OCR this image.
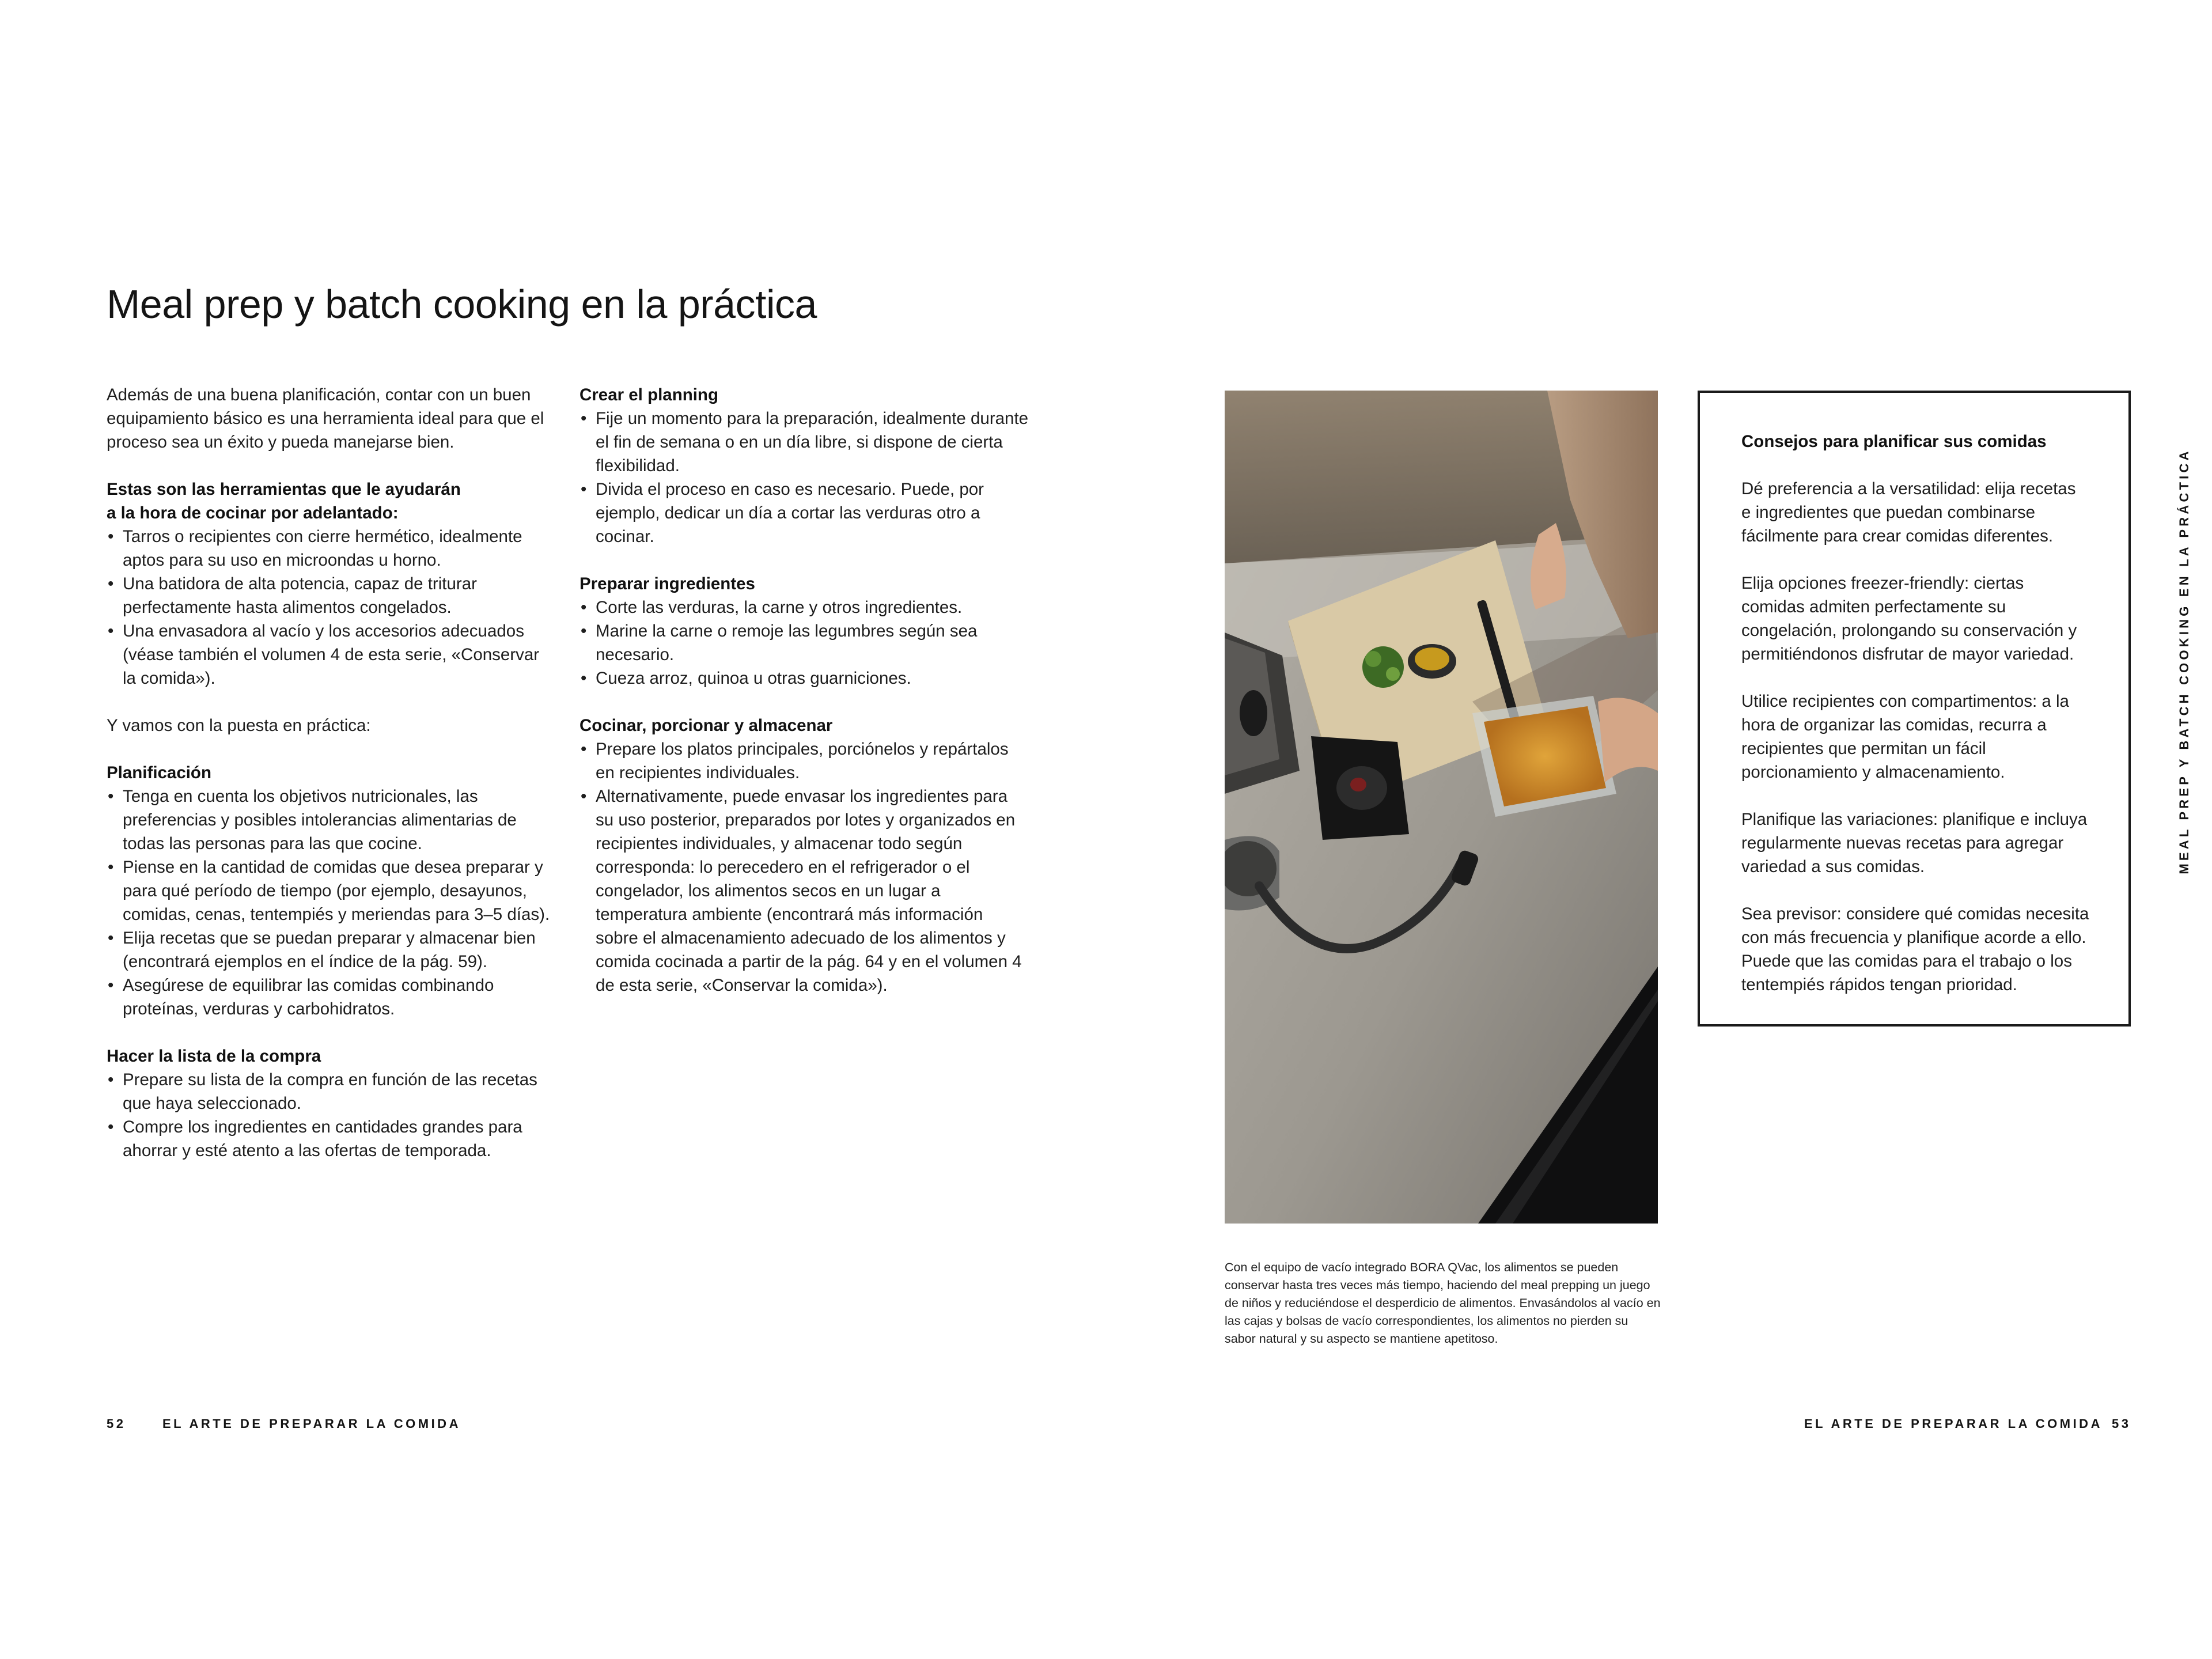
Meal prep y batch cooking en la práctica

Además de una buena planificación, contar con un buen equipamiento básico es una herramienta ideal para que el proceso sea un éxito y pueda manejarse bien.

Estas son las herramientas que le ayudarán
a la hora de cocinar por adelantado:
• Tarros o recipientes con cierre hermético, idealmente aptos para su uso en microondas u horno.
• Una batidora de alta potencia, capaz de triturar perfectamente hasta alimentos congelados.
• Una envasadora al vacío y los accesorios adecuados (véase también el volumen 4 de esta serie, «Conservar la comida»).

Y vamos con la puesta en práctica:

Planificación
• Tenga en cuenta los objetivos nutricionales, las preferencias y posibles intolerancias alimentarias de todas las personas para las que cocine.
• Piense en la cantidad de comidas que desea preparar y para qué período de tiempo (por ejemplo, desayunos, comidas, cenas, tentempiés y meriendas para 3–5 días).
• Elija recetas que se puedan preparar y almacenar bien (encontrará ejemplos en el índice de la pág. 59).
• Asegúrese de equilibrar las comidas combinando proteínas, verduras y carbohidratos.
Hacer la lista de la compra
• Prepare su lista de la compra en función de las recetas que haya seleccionado.
• Compre los ingredientes en cantidades grandes para ahorrar y esté atento a las ofertas de temporada.
Crear el planning
• Fije un momento para la preparación, idealmente durante el fin de semana o en un día libre, si dispone de cierta flexibilidad.
• Divida el proceso en caso es necesario. Puede, por ejemplo, dedicar un día a cortar las verduras otro a cocinar.
Preparar ingredientes
• Corte las verduras, la carne y otros ingredientes.
• Marine la carne o remoje las legumbres según sea necesario.
• Cueza arroz, quinoa u otras guarniciones.
Cocinar, porcionar y almacenar
• Prepare los platos principales, porciónelos y repártalos en recipientes individuales.
• Alternativamente, puede envasar los ingredientes para su uso posterior, preparados por lotes y organizados en recipientes individuales, y almacenar todo según corresponda: lo perecedero en el refrigerador o el congelador, los alimentos secos en un lugar a temperatura ambiente (encontrará más información sobre el almacenamiento adecuado de los alimentos y comida cocinada a partir de la pág. 64 y en el volumen 4 de esta serie, «Conservar la comida»).
Con el equipo de vacío integrado BORA QVac, los alimentos se pueden conservar hasta tres veces más tiempo, haciendo del meal prepping un juego de niños y reduciéndose el desperdicio de alimentos. Envasándolos al vacío en las cajas y bolsas de vacío correspondientes, los alimentos no pierden su sabor natural y su aspecto se mantiene apetitoso.
Consejos para planificar sus comidas

Dé preferencia a la versatilidad: elija recetas e ingredientes que puedan combinarse fácilmente para crear comidas diferentes.

Elija opciones freezer-friendly: ciertas comidas admiten perfectamente su congelación, prolongando su conservación y permitiéndonos disfrutar de mayor variedad.

Utilice recipientes con compartimentos: a la hora de organizar las comidas, recurra a recipientes que permitan un fácil porcionamiento y almacenamiento.

Planifique las variaciones: planifique e incluya regularmente nuevas recetas para agregar variedad a sus comidas.

Sea previsor: considere qué comidas necesita con más frecuencia y planifique acorde a ello. Puede que las comidas para el trabajo o los tentempiés rápidos tengan prioridad.

MEAL PREP Y BATCH COOKING EN LA PRÁCTICA
52	EL ARTE DE PREPARAR LA COMIDA	EL ARTE DE PREPARAR LA COMIDA 53
